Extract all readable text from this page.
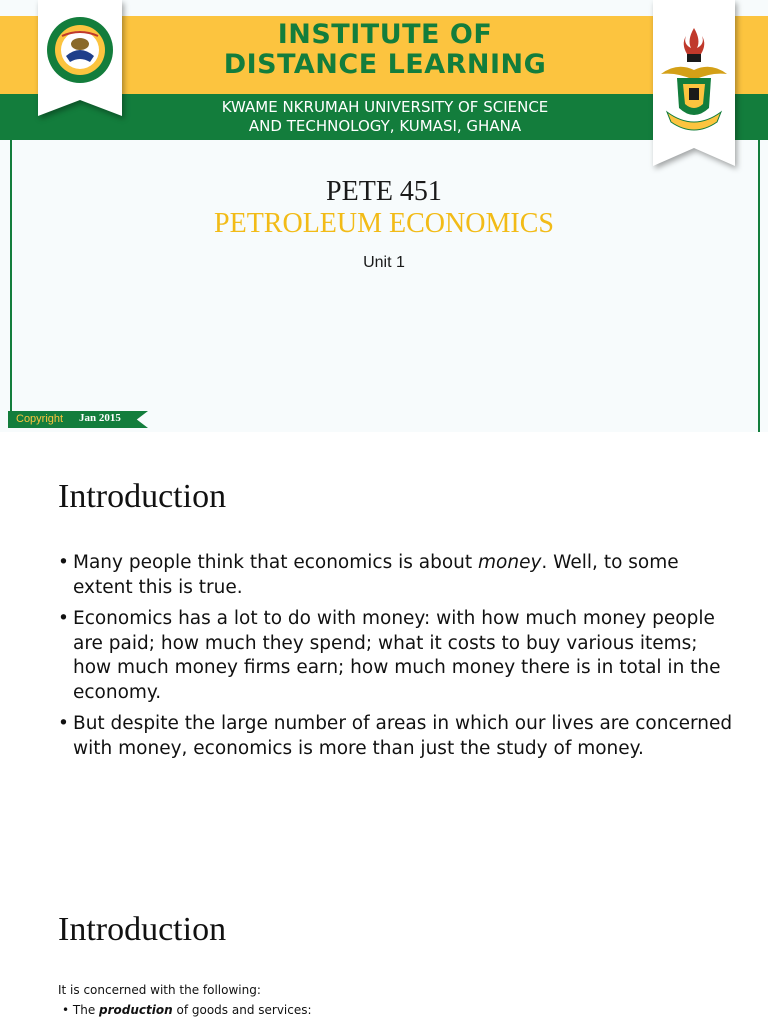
INSTITUTE OF
DISTANCE LEARNING
KWAME NKRUMAH UNIVERSITY OF SCIENCE
AND TECHNOLOGY, KUMASI, GHANA
PETE 451
PETROLEUM ECONOMICS
Unit 1
Copyright Jan 2015
Introduction
• Many people think that economics is about money. Well, to some extent this is true.
• Economics has a lot to do with money: with how much money people are paid; how much they spend; what it costs to buy various items; how much money firms earn; how much money there is in total in the economy.
• But despite the large number of areas in which our lives are concerned with money, economics is more than just the study of money.
Introduction
It is concerned with the following:
• The production of goods and services:
